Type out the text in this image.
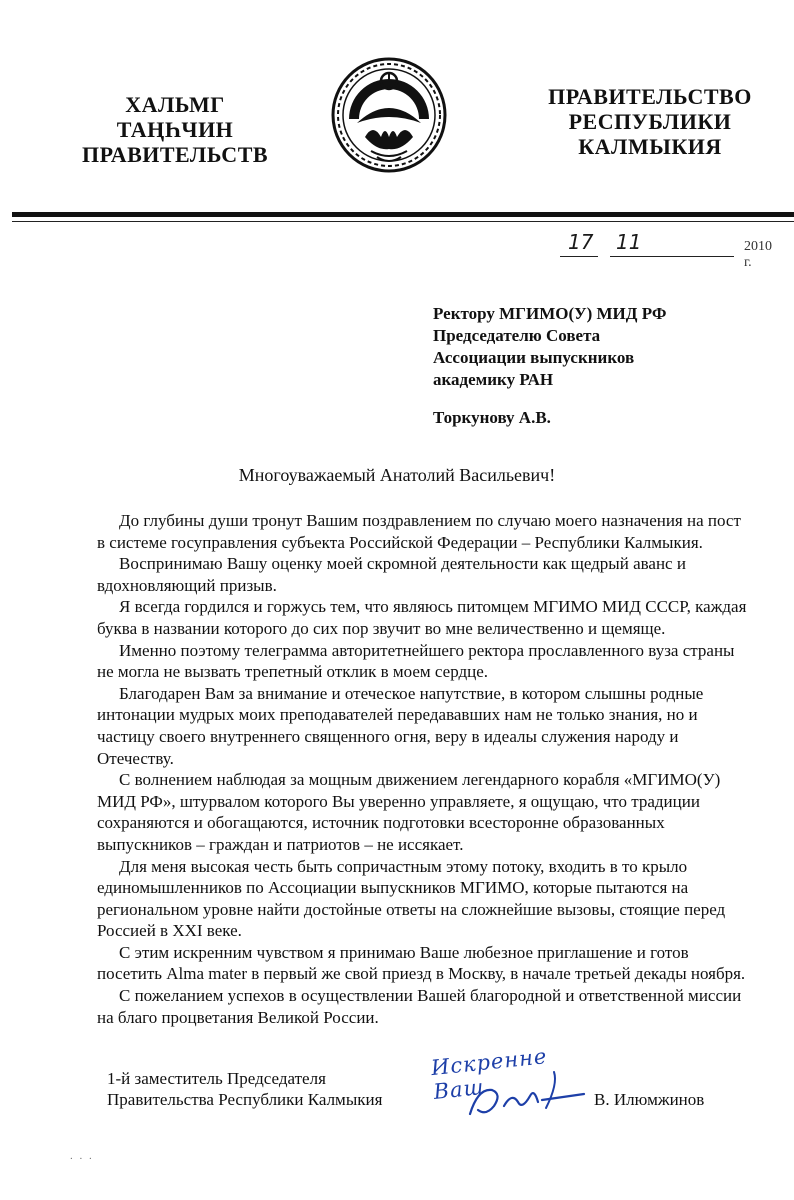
ХАЛЬМГ
ТАҢҺЧИН
ПРАВИТЕЛЬСТВ
ПРАВИТЕЛЬСТВО
РЕСПУБЛИКИ
КАЛМЫКИЯ
17 11	2010 г.
Ректору МГИМО(У) МИД РФ
Председателю Совета
Ассоциации выпускников
академику РАН
Торкунову А.В.
Многоуважаемый Анатолий Васильевич!

До глубины души тронут Вашим поздравлением по случаю моего назначения на пост в системе госуправления субъекта Российской Федерации – Республики Калмыкия.

Воспринимаю Вашу оценку моей скромной деятельности как щедрый аванс и вдохновляющий призыв.

Я всегда гордился и горжусь тем, что являюсь питомцем МГИМО МИД СССР, каждая буква в названии которого до сих пор звучит во мне величественно и щемяще.

Именно поэтому телеграмма авторитетнейшего ректора прославленного вуза страны не могла не вызвать трепетный отклик в моем сердце.

Благодарен Вам за внимание и отеческое напутствие, в котором слышны родные интонации мудрых моих преподавателей передававших нам не только знания, но и частицу своего внутреннего священного огня, веру в идеалы служения народу и Отечеству.

С волнением наблюдая за мощным движением легендарного корабля «МГИМО(У) МИД РФ», штурвалом которого Вы уверенно управляете, я ощущаю, что традиции сохраняются и обогащаются, источник подготовки всесторонне образованных выпускников – граждан и патриотов – не иссякает.

Для меня высокая честь быть сопричастным этому потоку, входить в то крыло единомышленников по Ассоциации выпускников МГИМО, которые пытаются на региональном уровне найти достойные ответы на сложнейшие вызовы, стоящие перед Россией в XXI веке.

С этим искренним чувством я принимаю Ваше любезное приглашение и готов посетить Alma mater в первый же свой приезд в Москву, в начале третьей декады ноября.

С пожеланием успехов в осуществлении Вашей благородной и ответственной миссии на благо процветания Великой России.

1-й заместитель Председателя
Правительства Республики Калмыкия
Искренне Ваш	В. Илюмжинов
. . .
